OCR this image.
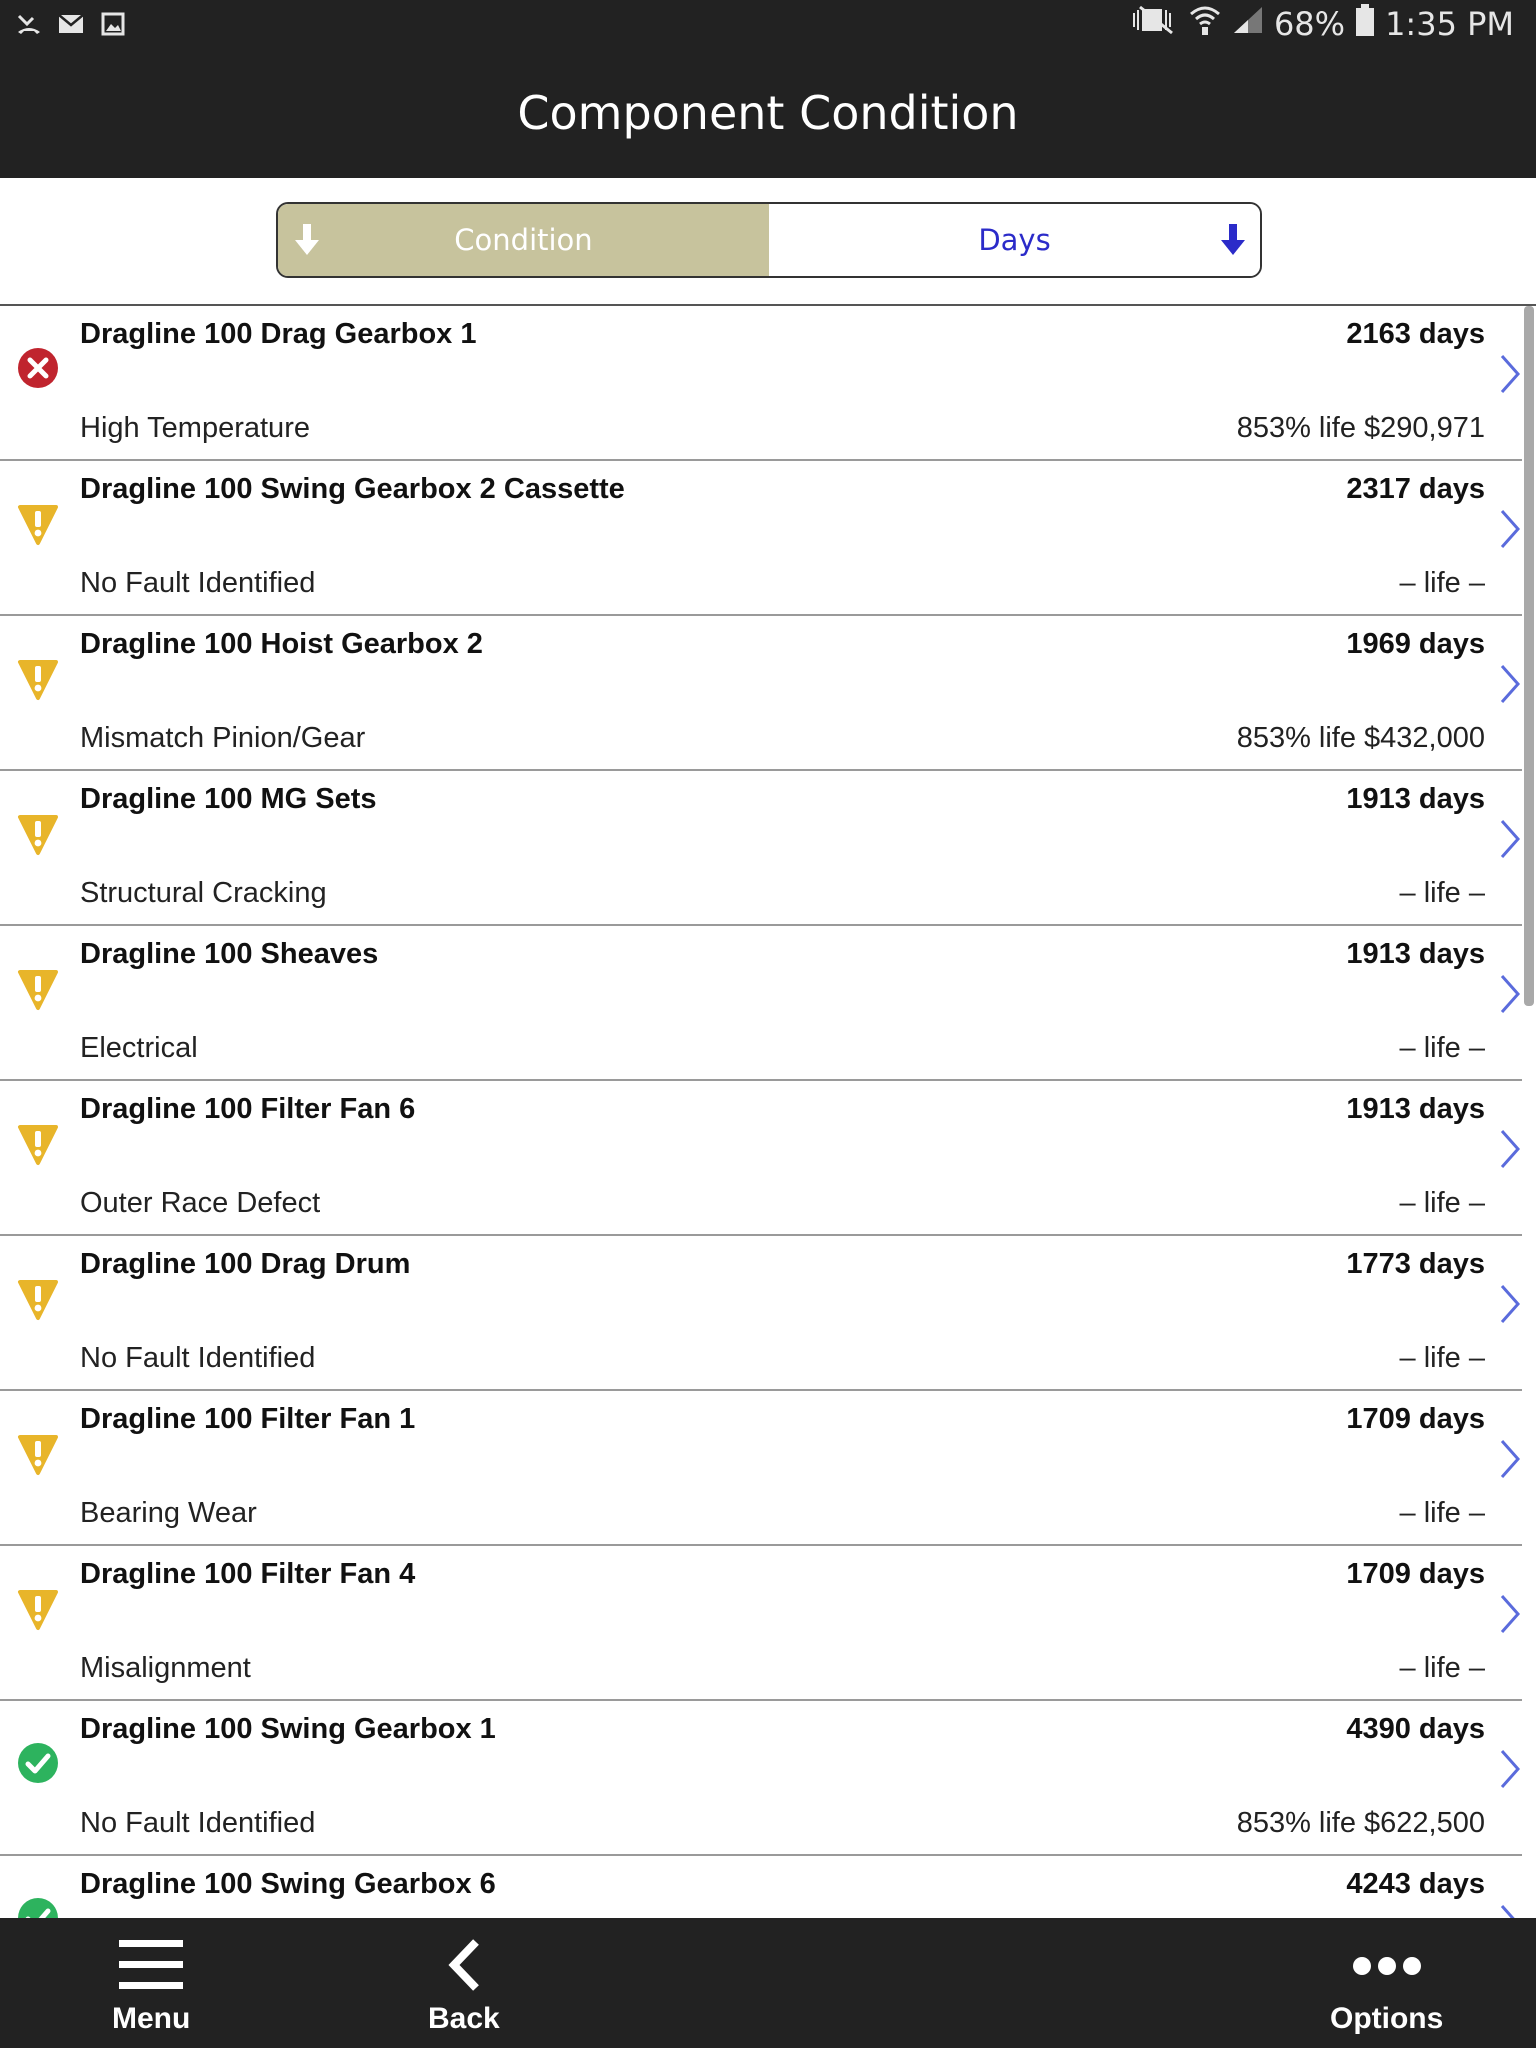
68% 1:35 PM
Component Condition
Condition	Days
Dragline 100 Drag Gearbox 1	2163 days
High Temperature	853% life $290,971
Dragline 100 Swing Gearbox 2 Cassette	2317 days
No Fault Identified	– life –
Dragline 100 Hoist Gearbox 2	1969 days
Mismatch Pinion/Gear	853% life $432,000
Dragline 100 MG Sets	1913 days
Structural Cracking	– life –
Dragline 100 Sheaves	1913 days
Electrical	– life –
Dragline 100 Filter Fan 6	1913 days
Outer Race Defect	– life –
Dragline 100 Drag Drum	1773 days
No Fault Identified	– life –
Dragline 100 Filter Fan 1	1709 days
Bearing Wear	– life –
Dragline 100 Filter Fan 4	1709 days
Misalignment	– life –
Dragline 100 Swing Gearbox 1	4390 days
No Fault Identified	853% life $622,500
Dragline 100 Swing Gearbox 6	4243 days
Menu	Back	Options
